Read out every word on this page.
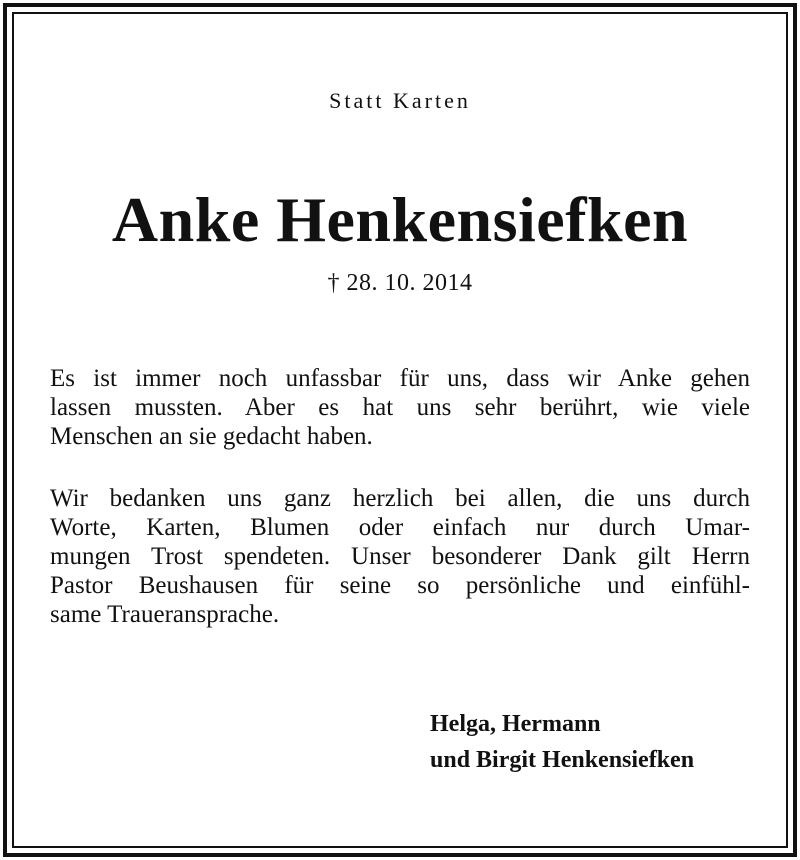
Statt Karten
Anke Henkensiefken
† 28. 10. 2014
Es ist immer noch unfassbar für uns, dass wir Anke gehen
lassen mussten. Aber es hat uns sehr berührt, wie viele
Menschen an sie gedacht haben.
Wir bedanken uns ganz herzlich bei allen, die uns durch
Worte, Karten, Blumen oder einfach nur durch Umar-
mungen Trost spendeten. Unser besonderer Dank gilt Herrn
Pastor Beushausen für seine so persönliche und einfühl-
same Traueransprache.
Helga, Hermann
und Birgit Henkensiefken
